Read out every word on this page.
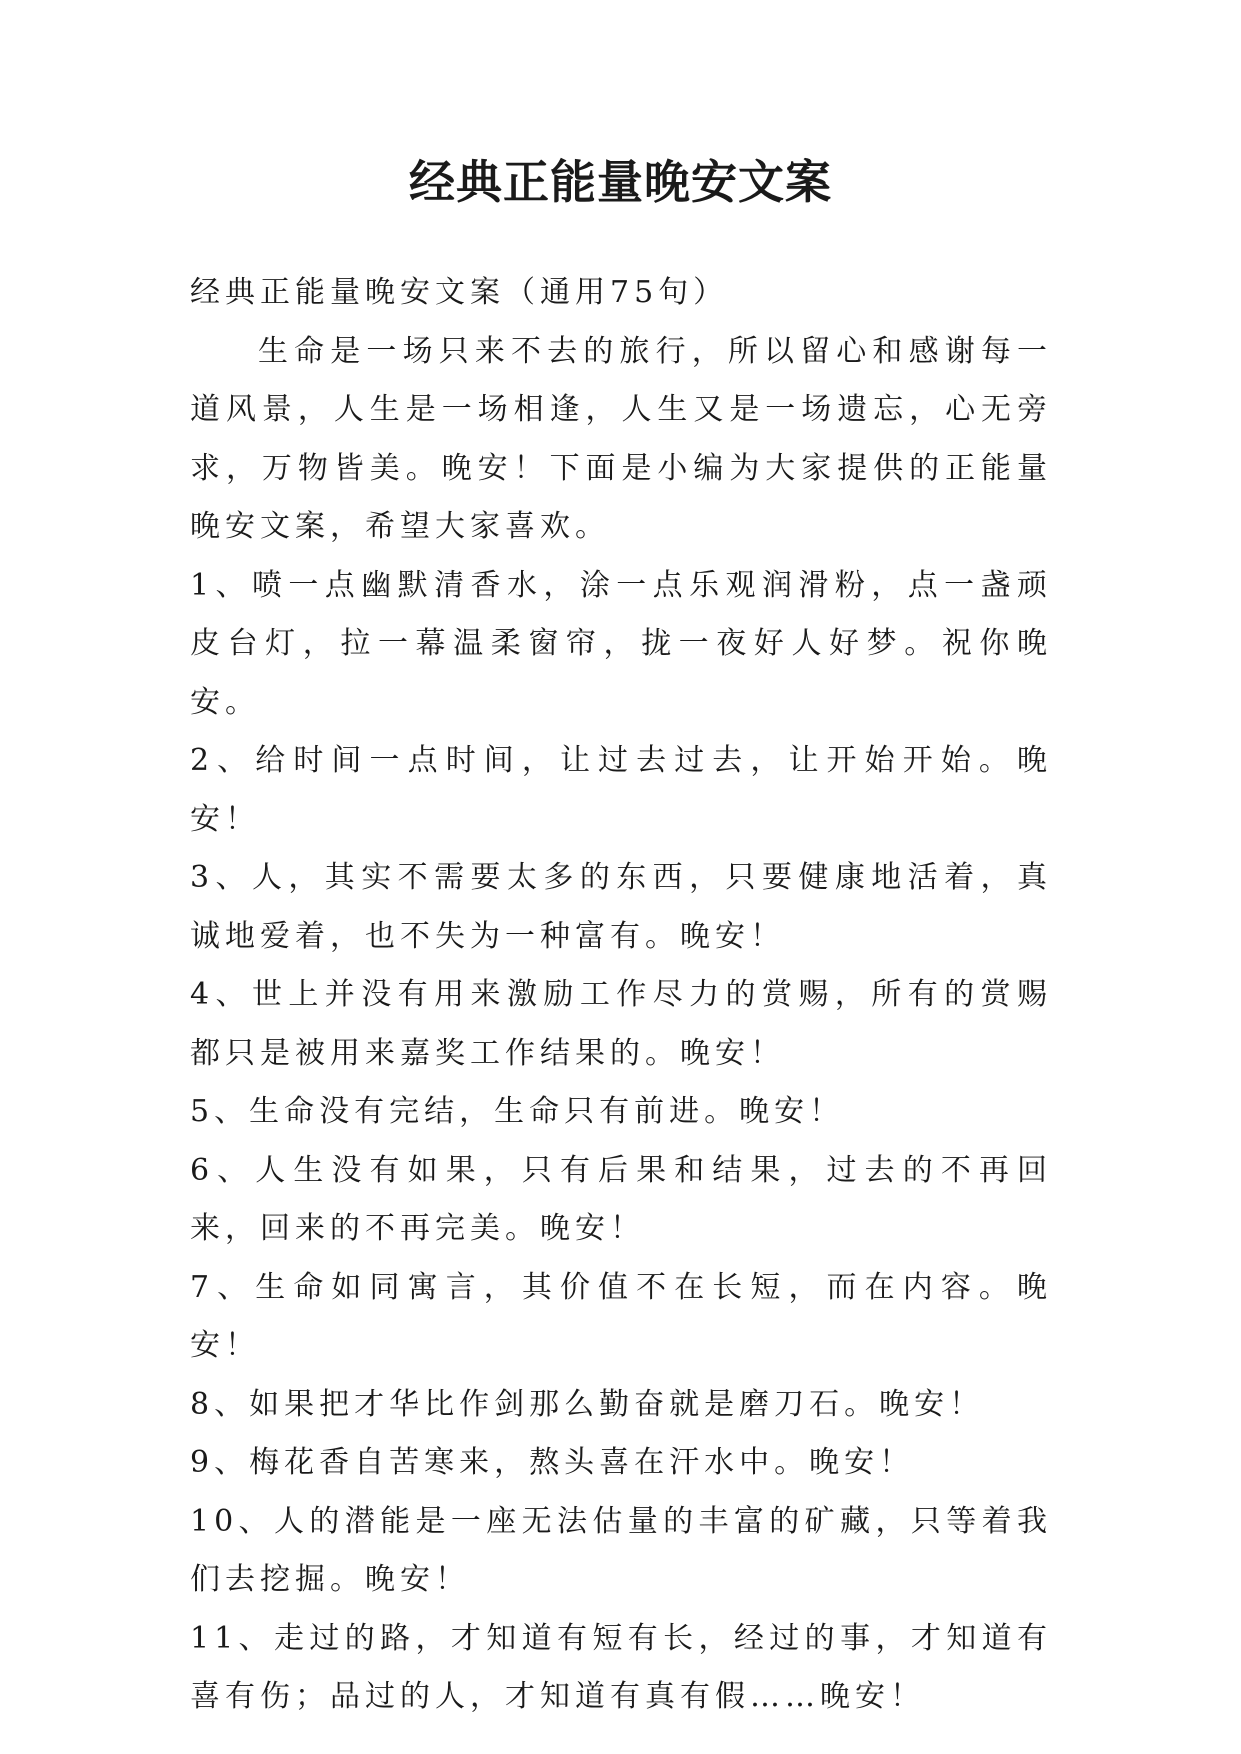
经典正能量晚安文案

经典正能量晚安文案（通用75句）

生命是一场只来不去的旅行，所以留心和感谢每一道风景，人生是一场相逢，人生又是一场遗忘，心无旁求，万物皆美。晚安！下面是小编为大家提供的正能量晚安文案，希望大家喜欢。

1、喷一点幽默清香水，涂一点乐观润滑粉，点一盏顽皮台灯，拉一幕温柔窗帘，拢一夜好人好梦。祝你晚安。

2、给时间一点时间，让过去过去，让开始开始。晚安！

3、人，其实不需要太多的东西，只要健康地活着，真诚地爱着，也不失为一种富有。晚安！

4、世上并没有用来激励工作尽力的赏赐，所有的赏赐都只是被用来嘉奖工作结果的。晚安！

5、生命没有完结，生命只有前进。晚安！

6、人生没有如果，只有后果和结果，过去的不再回来，回来的不再完美。晚安！

7、生命如同寓言，其价值不在长短，而在内容。晚安！

8、如果把才华比作剑那么勤奋就是磨刀石。晚安！

9、梅花香自苦寒来，熬头喜在汗水中。晚安！

10、人的潜能是一座无法估量的丰富的矿藏，只等着我们去挖掘。晚安！

11、走过的路，才知道有短有长，经过的事，才知道有喜有伤；品过的人，才知道有真有假……晚安！
